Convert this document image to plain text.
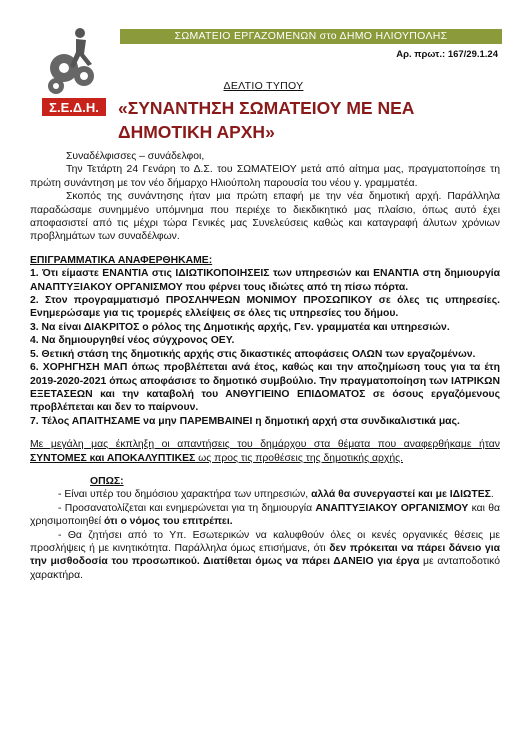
Σ.Ε.Δ.Η.
ΣΩΜΑΤΕΙΟ ΕΡΓΑΖΟΜΕΝΩΝ στο ΔΗΜΟ ΗΛΙΟΥΠΟΛΗΣ
Αρ. πρωτ.: 167/29.1.24
ΔΕΛΤΙΟ ΤΥΠΟΥ
«ΣΥΝΑΝΤΗΣΗ ΣΩΜΑΤΕΙΟΥ ΜΕ ΝΕΑ ΔΗΜΟΤΙΚΗ ΑΡΧΗ»

Συναδέλφισσες – συνάδελφοι,

Την Τετάρτη 24 Γενάρη το Δ.Σ. του ΣΩΜΑΤΕΙΟΥ μετά από αίτημα μας, πραγματοποίησε τη πρώτη συνάντηση με τον νέο δήμαρχο Ηλιούπολη παρουσία του νέου γ. γραμματέα.

Σκοπός της συνάντησης ήταν μια πρώτη επαφή με την νέα δημοτική αρχή. Παράλληλα παραδώσαμε συνημμένο υπόμνημα που περιέχε το διεκδικητικό μας πλαίσιο, όπως αυτό έχει αποφασιστεί από τις μέχρι τώρα Γενικές μας Συνελεύσεις καθώς και καταγραφή άλυτων χρόνιων προβλημάτων των συναδέλφων.

ΕΠΙΓΡΑΜΜΑΤΙΚΑ ΑΝΑΦΕΡΘΗΚΑΜΕ:

1. Ότι είμαστε ΕΝΑΝΤΙΑ στις ΙΔΙΩΤΙΚΟΠΟΙΗΣΕΙΣ των υπηρεσιών και ΕΝΑΝΤΙΑ στη δημιουργία ΑΝΑΠΤΥΞΙΑΚΟΥ ΟΡΓΑΝΙΣΜΟΥ που φέρνει τους ιδιώτες από τη πίσω πόρτα.

2. Στον προγραμματισμό ΠΡΟΣΛΗΨΕΩΝ ΜΟΝΙΜΟΥ ΠΡΟΣΩΠΙΚΟΥ σε όλες τις υπηρεσίες. Ενημερώσαμε για τις τρομερές ελλείψεις σε όλες τις υπηρεσίες του δήμου.

3. Να είναι ΔΙΑΚΡΙΤΟΣ ο ρόλος της Δημοτικής αρχής, Γεν. γραμματέα και υπηρεσιών.

4. Να δημιουργηθεί νέος σύγχρονος ΟΕΥ.

5. Θετική στάση της δημοτικής αρχής στις δικαστικές αποφάσεις ΟΛΩΝ των εργαζομένων.

6. ΧΟΡΗΓΗΣΗ ΜΑΠ όπως προβλέπεται ανά έτος, καθώς και την αποζημίωση τους για τα έτη 2019-2020-2021 όπως αποφάσισε το δημοτικό συμβούλιο. Την πραγματοποίηση των ΙΑΤΡΙΚΩΝ ΕΞΕΤΑΣΕΩΝ και την καταβολή του ΑΝΘΥΓΙΕΙΝΟ ΕΠΙΔΟΜΑΤΟΣ σε όσους εργαζόμενους προβλέπεται και δεν το παίρνουν.

7. Τέλος ΑΠΑΙΤΗΣΑΜΕ να μην ΠΑΡΕΜΒΑΙΝΕΙ η δημοτική αρχή στα συνδικαλιστικά μας.

Με μεγάλη μας έκπληξη οι απαντήσεις του δημάρχου στα θέματα που αναφερθήκαμε ήταν ΣΥΝΤΟΜΕΣ και ΑΠΟΚΑΛΥΠΤΙΚΕΣ ως προς τις προθέσεις της δημοτικής αρχής.

ΟΠΩΣ:

- Είναι υπέρ του δημόσιου χαρακτήρα των υπηρεσιών, αλλά θα συνεργαστεί και με ΙΔΙΩΤΕΣ.

- Προσανατολίζεται και ενημερώνεται για τη δημιουργία ΑΝΑΠΤΥΞΙΑΚΟΥ ΟΡΓΑΝΙΣΜΟΥ και θα χρησιμοποιηθεί ότι ο νόμος του επιτρέπει.

- Θα ζητήσει από το Υπ. Εσωτερικών να καλυφθούν όλες οι κενές οργανικές θέσεις με προσλήψεις ή με κινητικότητα. Παράλληλα όμως επισήμανε, ότι δεν πρόκειται να πάρει δάνειο για την μισθοδοσία του προσωπικού. Διατίθεται όμως να πάρει ΔΑΝΕΙΟ για έργα με ανταποδοτικό χαρακτήρα.
